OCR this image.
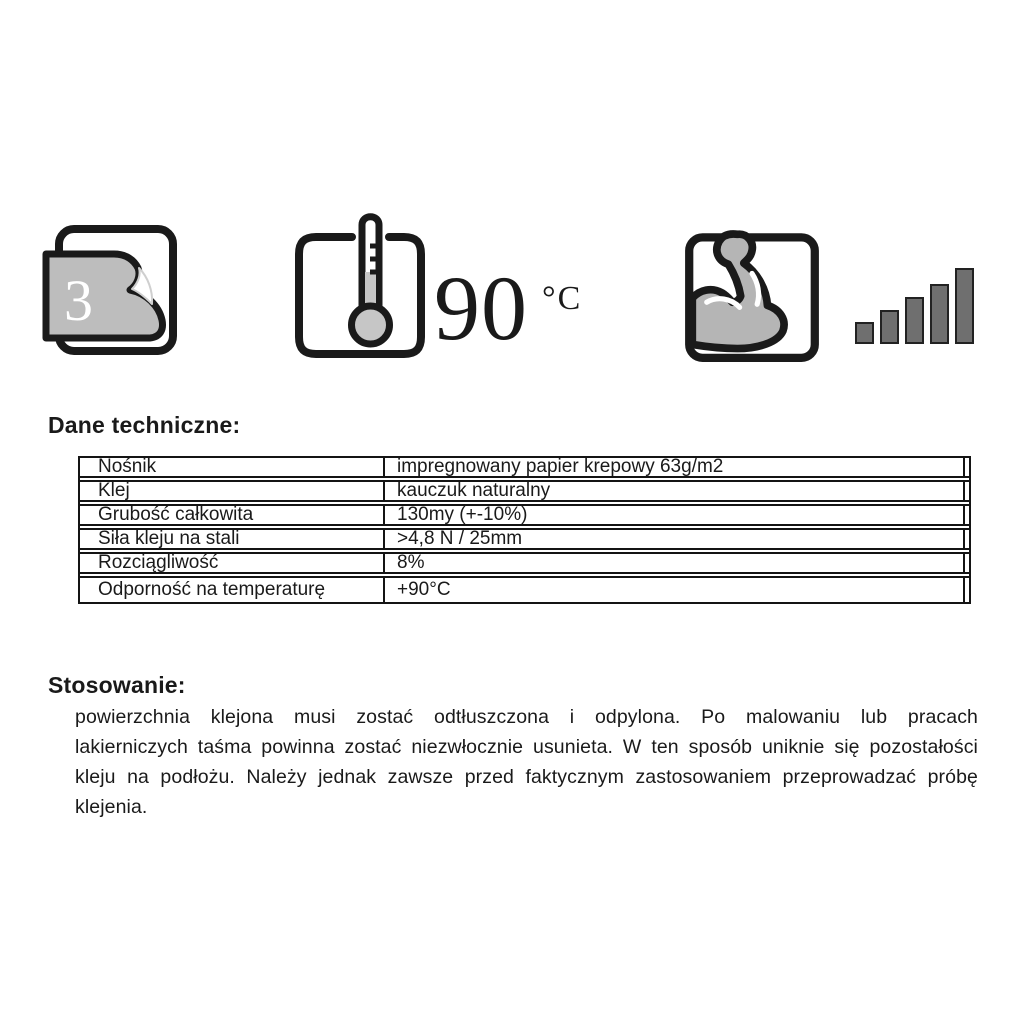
3	90 °C
Dane techniczne:
Nośnik	impregnowany papier krepowy 63g/m2
Klej	kauczuk naturalny
Grubość całkowita	130my (+-10%)
Siła kleju na stali	>4,8 N / 25mm
Rozciągliwość	8%
Odporność na temperaturę	+90°C
Stosowanie:

powierzchnia klejona musi zostać odtłuszczona i odpylona. Po malowaniu lub pracach lakierniczych taśma powinna zostać niezwłocznie usunieta. W ten sposób uniknie się pozostałości kleju na podłożu. Należy jednak zawsze przed faktycznym zastosowaniem przeprowadzać próbę klejenia.
